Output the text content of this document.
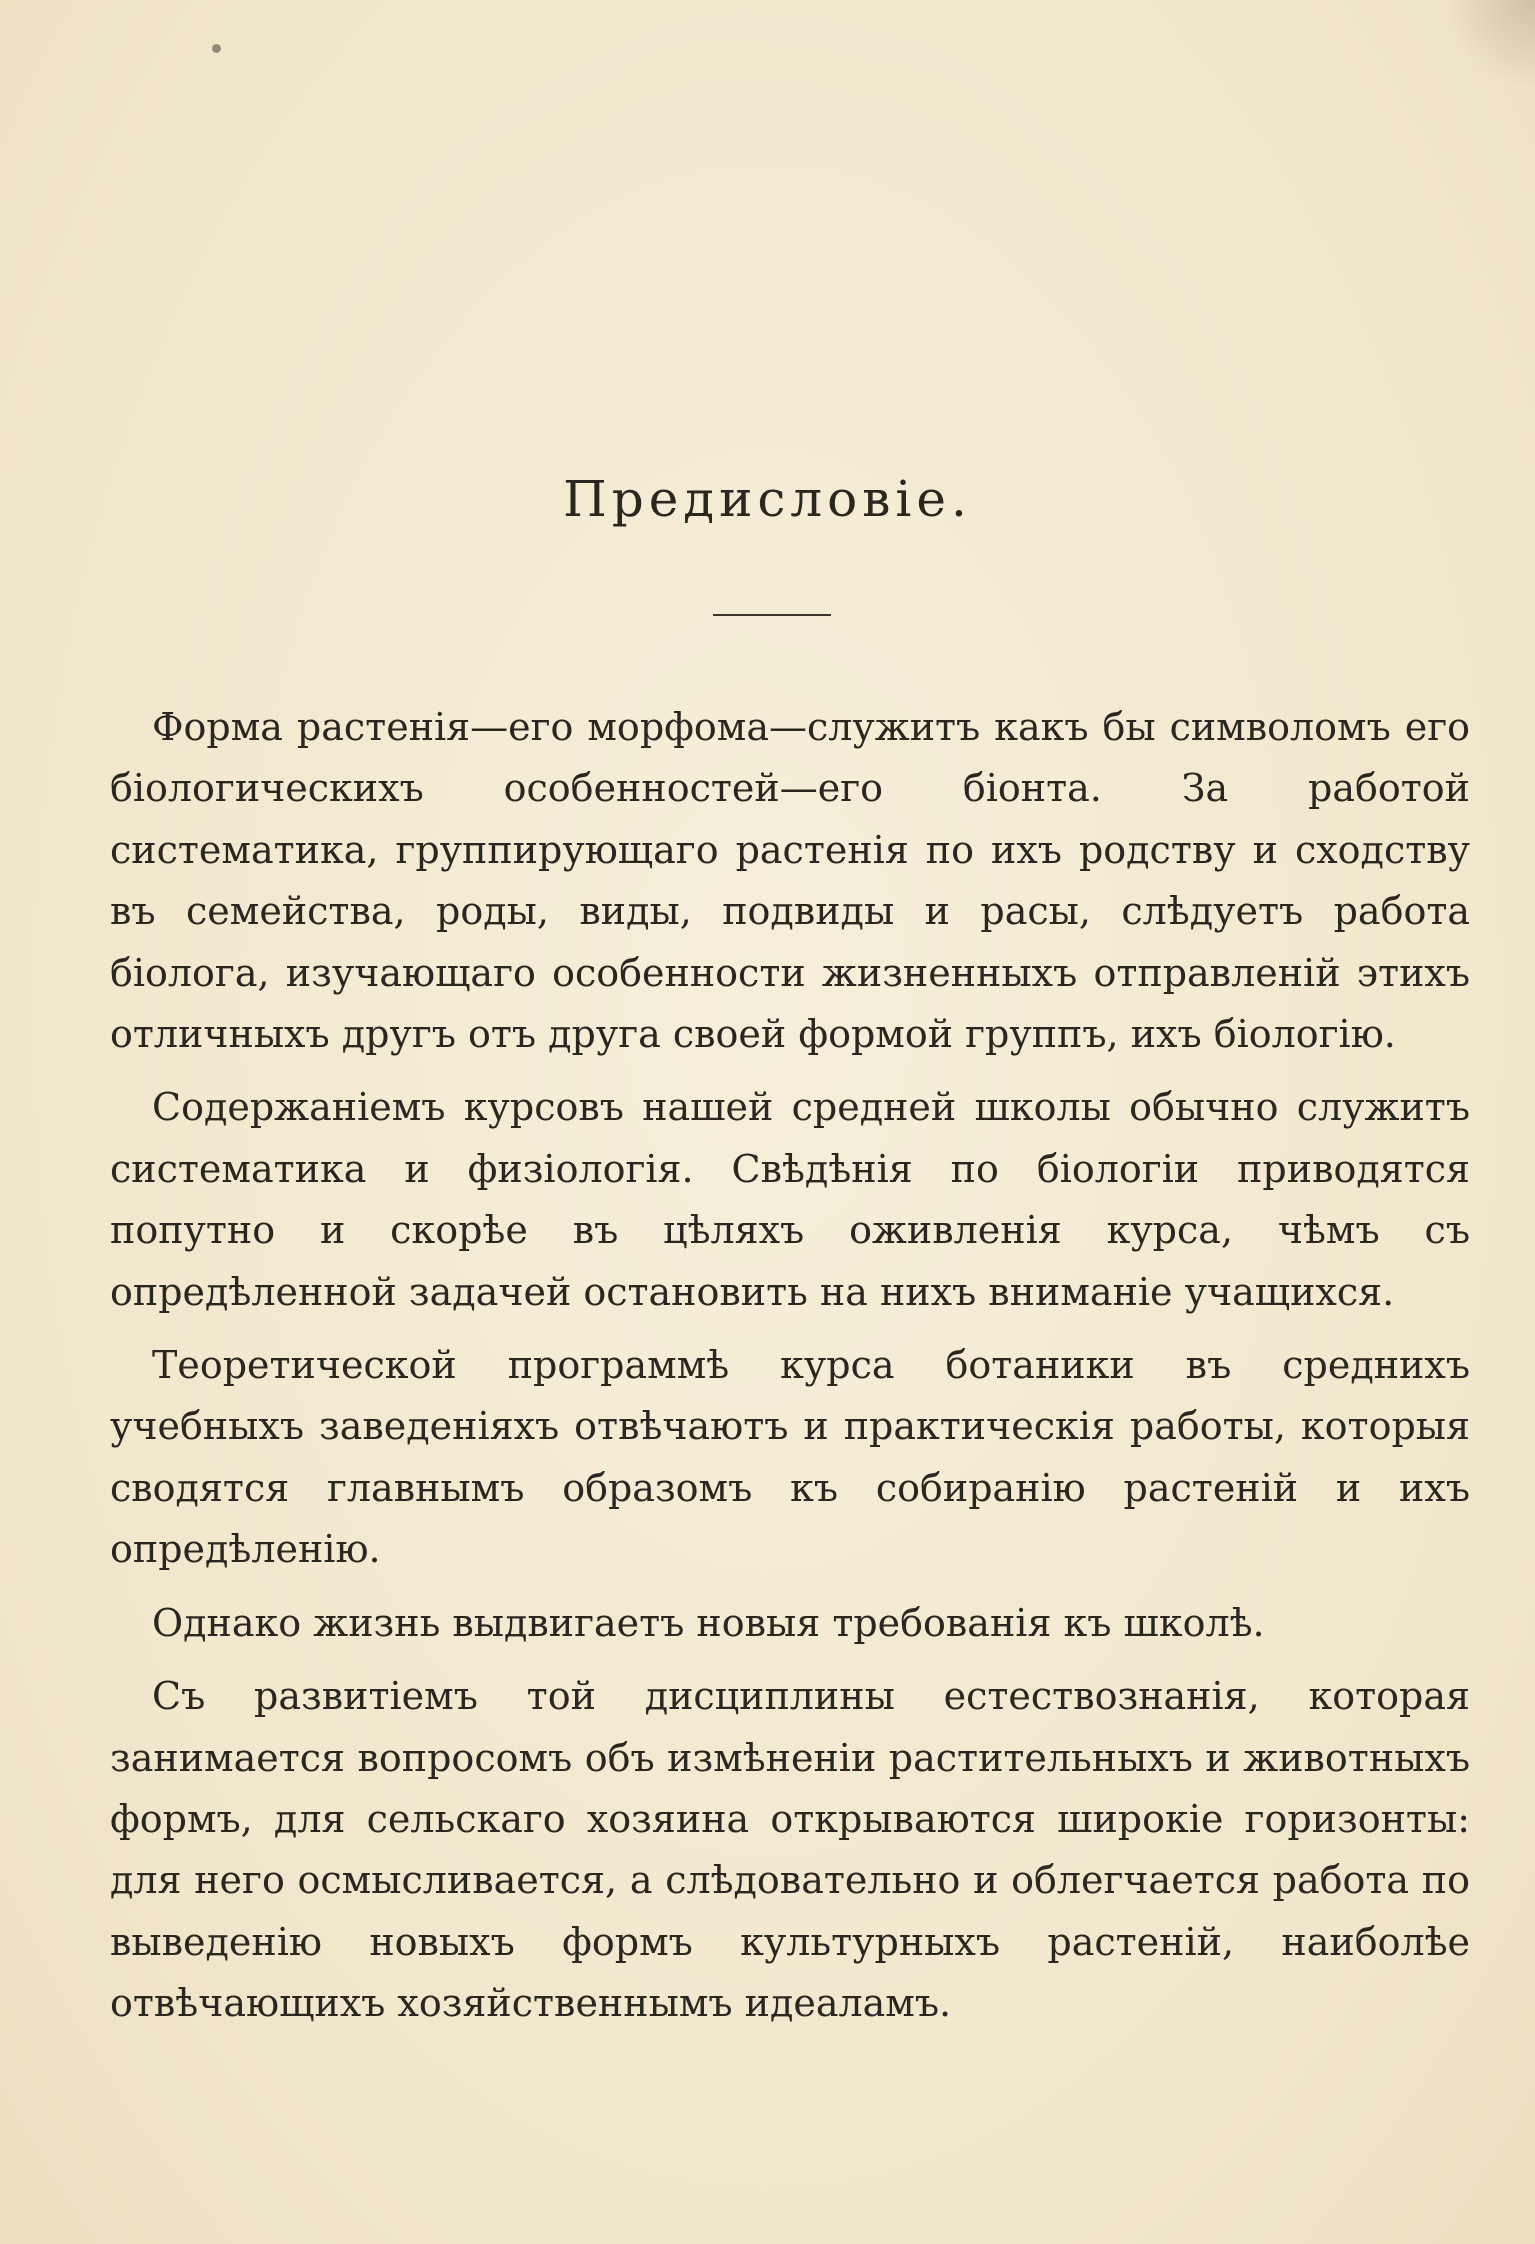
Предисловіе.

Форма растенія—его морфома—служитъ какъ бы символомъ его біологическихъ особенностей—его біонта. За работой систематика, группирующаго растенія по ихъ родству и сходству въ семейства, роды, виды, подвиды и расы, слѣдуетъ работа біолога, изучающаго особенности жизненныхъ отправленій этихъ отличныхъ другъ отъ друга своей формой группъ, ихъ біологію.

Содержаніемъ курсовъ нашей средней школы обычно служитъ систематика и физіологія. Свѣдѣнія по біологіи приводятся попутно и скорѣе въ цѣляхъ оживленія курса, чѣмъ съ опредѣленной задачей остановить на нихъ вниманіе учащихся.

Теоретической программѣ курса ботаники въ среднихъ учебныхъ заведеніяхъ отвѣчаютъ и практическія работы, которыя сводятся главнымъ образомъ къ собиранію растеній и ихъ опредѣленію.

Однако жизнь выдвигаетъ новыя требованія къ школѣ.

Съ развитіемъ той дисциплины естествознанія, которая занимается вопросомъ объ измѣненіи растительныхъ и животныхъ формъ, для сельскаго хозяина открываются широкіе горизонты: для него осмысливается, а слѣдовательно и облегчается работа по выведенію новыхъ формъ культурныхъ растеній, наиболѣе отвѣчающихъ хозяйственнымъ идеаламъ.
